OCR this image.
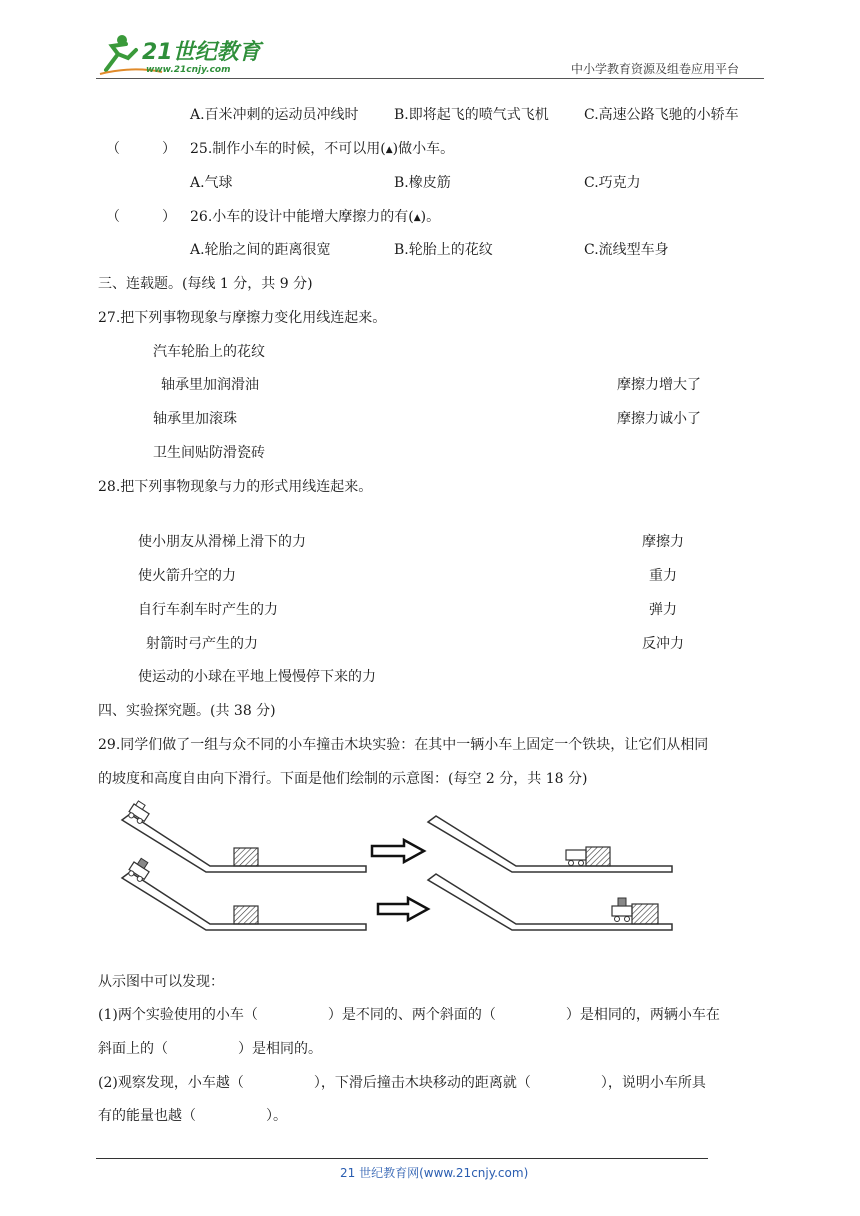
21世纪教育
www.21cnjy.com	中小学教育资源及组卷应用平台
A.百米冲刺的运动员冲线时	B.即将起飞的喷气式飞机	C.高速公路飞驰的小轿车
（　　　） 25.制作小车的时候，不可以用(▲)做小车。
A.气球	B.橡皮筋	C.巧克力
（　　　） 26.小车的设计中能增大摩擦力的有(▲)。
A.轮胎之间的距离很宽	B.轮胎上的花纹	C.流线型车身
三、连载题。(每线 1 分，共 9 分)
27.把下列事物现象与摩擦力变化用线连起来。
汽车轮胎上的花纹
轴承里加润滑油
轴承里加滚珠
卫生间贴防滑瓷砖
摩擦力增大了
摩擦力诚小了
28.把下列事物现象与力的形式用线连起来。
使小朋友从滑梯上滑下的力
使火箭升空的力
自行车刹车时产生的力
射箭时弓产生的力
使运动的小球在平地上慢慢停下来的力
摩擦力
重力
弹力
反冲力
四、实验探究题。(共 38 分)
29.同学们做了一组与众不同的小车撞击木块实验：在其中一辆小车上固定一个铁块，让它们从相同
的坡度和高度自由向下滑行。下面是他们绘制的示意图：(每空 2 分，共 18 分)
从示图中可以发现：
(1)两个实验使用的小车（　　　　　）是不同的、两个斜面的（　　　　　）是相同的，两辆小车在
斜面上的（　　　　　）是相同的。
(2)观察发现，小车越（　　　　　），下滑后撞击木块移动的距离就（　　　　　），说明小车所具
有的能量也越（　　　　　）。
21 世纪教育网(www.21cnjy.com)
